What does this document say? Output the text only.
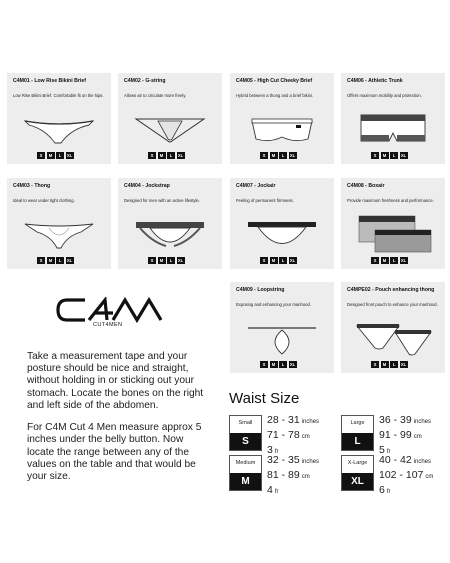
C4M01 - Low Rise Bikini Brief
Low Rise Bikini Brief. Comfortable fit on the hips.
S	M	L	XL
C4M02 - G-string
Allows air to circulate more freely.
S	M	L	XL
C4M05 - High Cut Cheeky Brief
Hybrid between a thong and a brief bikini.
S	M	L	XL
C4M06 - Athletic Trunk
Offers maximum mobility and protection.
S	M	L	XL
C4M03 - Thong
Ideal to wear under tight clothing.
S	M	L	XL
C4M04 - Jockstrap
Designed for men with an active lifestyle.
S	M	L	XL
C4M07 - Jockair
Feeling of permanent firmness.
S	M	L	XL
C4M08 - Boxair
Provide maximum freshness and performance.
S	M	L	XL
C4M09 - Loopstring
Exposing and enhancing your manhood.
S	M	L	XL
C4MPE02 - Pouch enhancing thong
Designed front pouch to enhance your manhood.
S	M	L	XL
CUT4MEN

Take a measurement tape and your posture should be nice and straight, without holding in or sticking out your stomach. Locate the bones on the right and left side of the abdomen.

For C4M Cut 4 Men measure approx 5 inches under the belly button. Now locate the range between any of the values on the table and that would be your size.

Waist Size
Small
S
28 - 31 inches
71 - 78 cm
3 fr
Large
L
36 - 39 inches
91 - 99 cm
5 fr
Medium
M
32 - 35 inches
81 - 89 cm
4 fr
X-Large
XL
40 - 42 inches
102 - 107 cm
6 fr
